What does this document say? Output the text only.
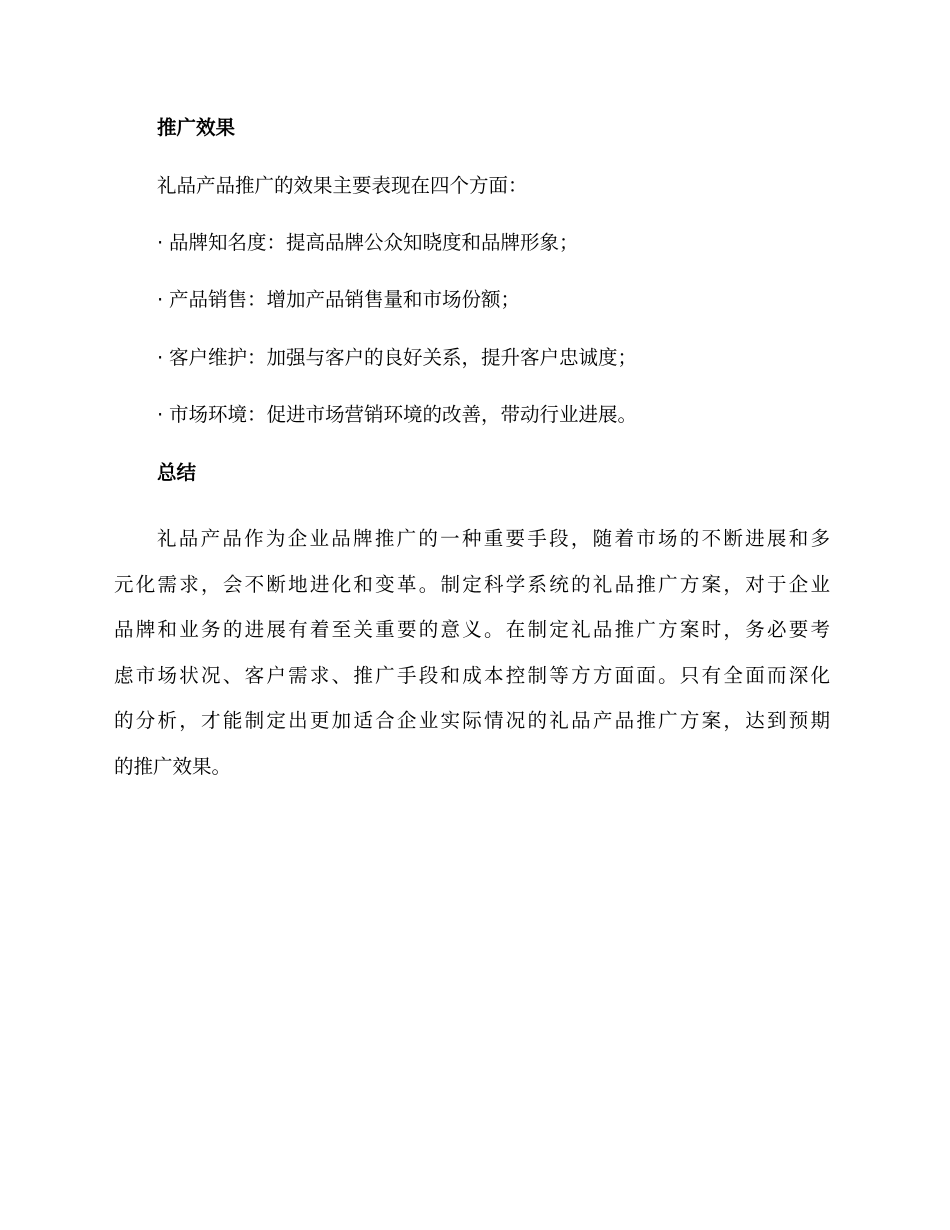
推广效果

礼品产品推广的效果主要表现在四个方面：

· 品牌知名度：提高品牌公众知晓度和品牌形象；

· 产品销售：增加产品销售量和市场份额；

· 客户维护：加强与客户的良好关系，提升客户忠诚度；

· 市场环境：促进市场营销环境的改善，带动行业进展。

总结
礼品产品作为企业品牌推广的一种重要手段，随着市场的不断进展和多
元化需求，会不断地进化和变革。制定科学系统的礼品推广方案，对于企业
品牌和业务的进展有着至关重要的意义。在制定礼品推广方案时，务必要考
虑市场状况、客户需求、推广手段和成本控制等方方面面。只有全面而深化
的分析，才能制定出更加适合企业实际情况的礼品产品推广方案，达到预期
的推广效果。
